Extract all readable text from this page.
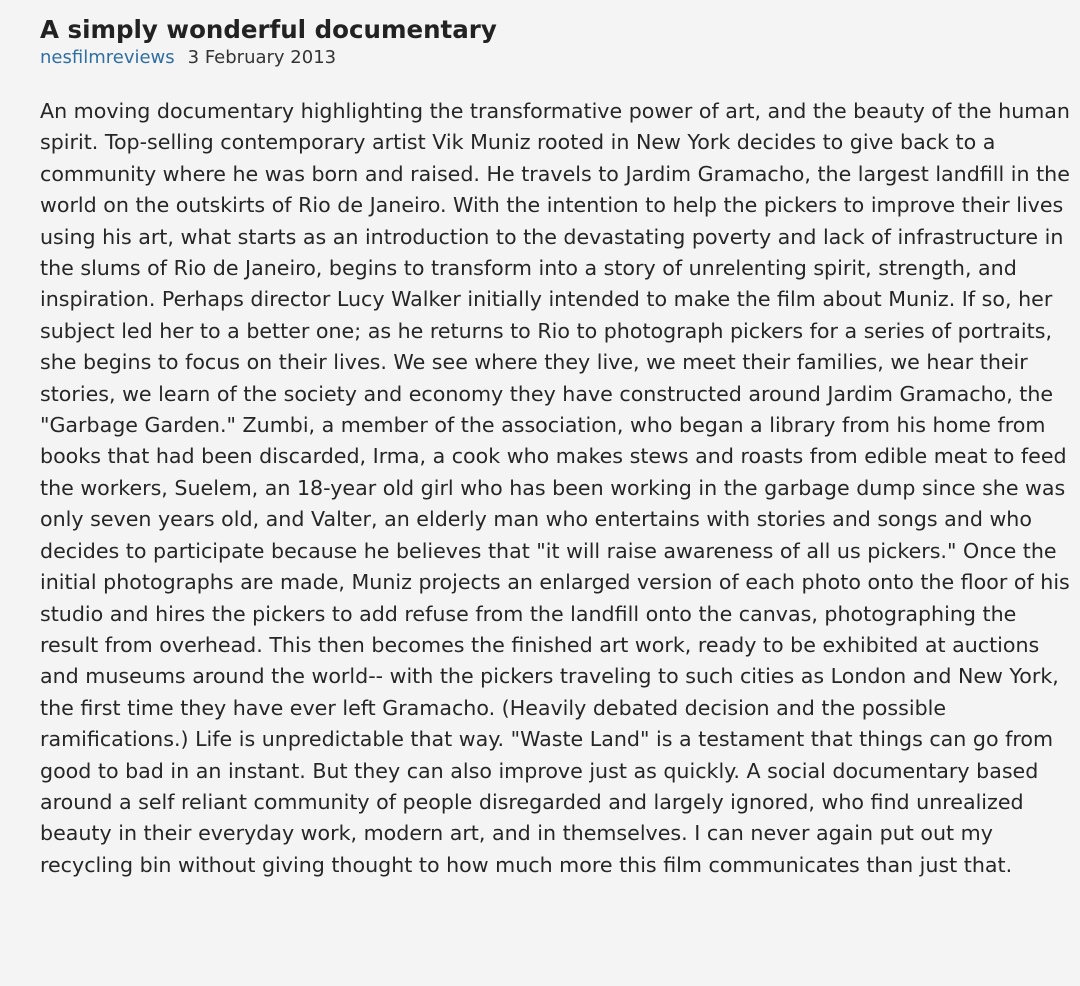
A simply wonderful documentary
nesfilmreviews 3 February 2013

An moving documentary highlighting the transformative power of art, and the beauty of the human spirit. Top-selling contemporary artist Vik Muniz rooted in New York decides to give back to a community where he was born and raised. He travels to Jardim Gramacho, the largest landfill in the world on the outskirts of Rio de Janeiro. With the intention to help the pickers to improve their lives using his art, what starts as an introduction to the devastating poverty and lack of infrastructure in the slums of Rio de Janeiro, begins to transform into a story of unrelenting spirit, strength, and inspiration. Perhaps director Lucy Walker initially intended to make the film about Muniz. If so, her subject led her to a better one; as he returns to Rio to photograph pickers for a series of portraits, she begins to focus on their lives. We see where they live, we meet their families, we hear their stories, we learn of the society and economy they have constructed around Jardim Gramacho, the "Garbage Garden." Zumbi, a member of the association, who began a library from his home from books that had been discarded, Irma, a cook who makes stews and roasts from edible meat to feed the workers, Suelem, an 18-year old girl who has been working in the garbage dump since she was only seven years old, and Valter, an elderly man who entertains with stories and songs and who decides to participate because he believes that "it will raise awareness of all us pickers." Once the initial photographs are made, Muniz projects an enlarged version of each photo onto the floor of his studio and hires the pickers to add refuse from the landfill onto the canvas, photographing the result from overhead. This then becomes the finished art work, ready to be exhibited at auctions and museums around the world-- with the pickers traveling to such cities as London and New York, the first time they have ever left Gramacho. (Heavily debated decision and the possible ramifications.) Life is unpredictable that way. "Waste Land" is a testament that things can go from good to bad in an instant. But they can also improve just as quickly. A social documentary based around a self reliant community of people disregarded and largely ignored, who find unrealized beauty in their everyday work, modern art, and in themselves. I can never again put out my recycling bin without giving thought to how much more this film communicates than just that.
